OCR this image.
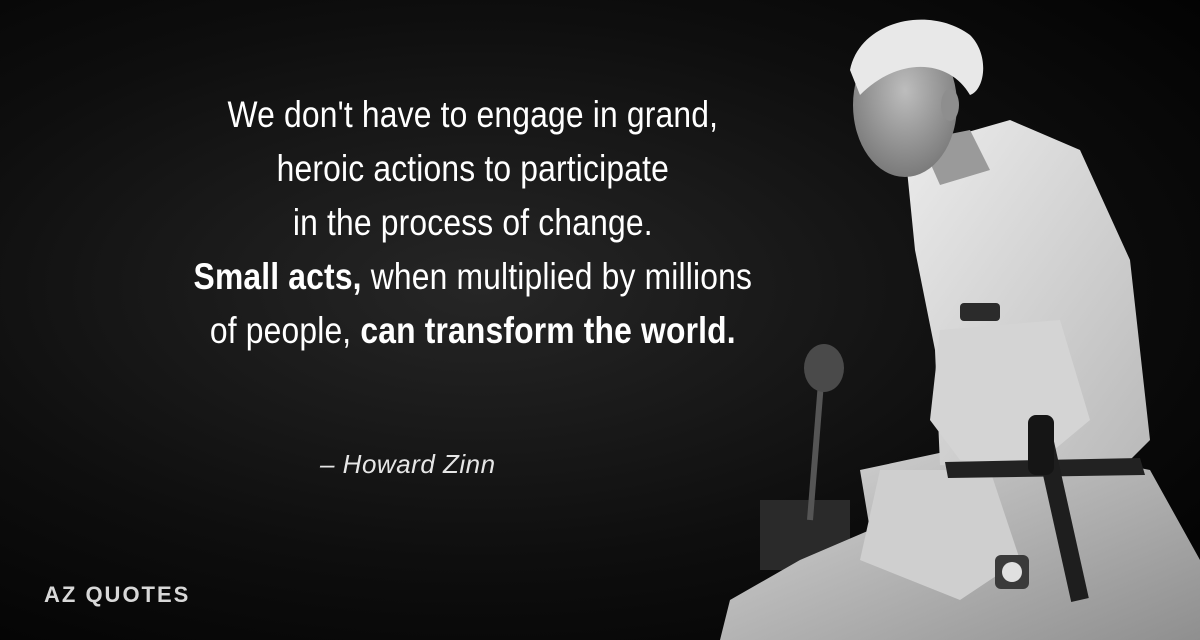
We don't have to engage in grand,
heroic actions to participate
in the process of change.
Small acts, when multiplied by millions
of people, can transform the world.
– Howard Zinn
AZ QUOTES
